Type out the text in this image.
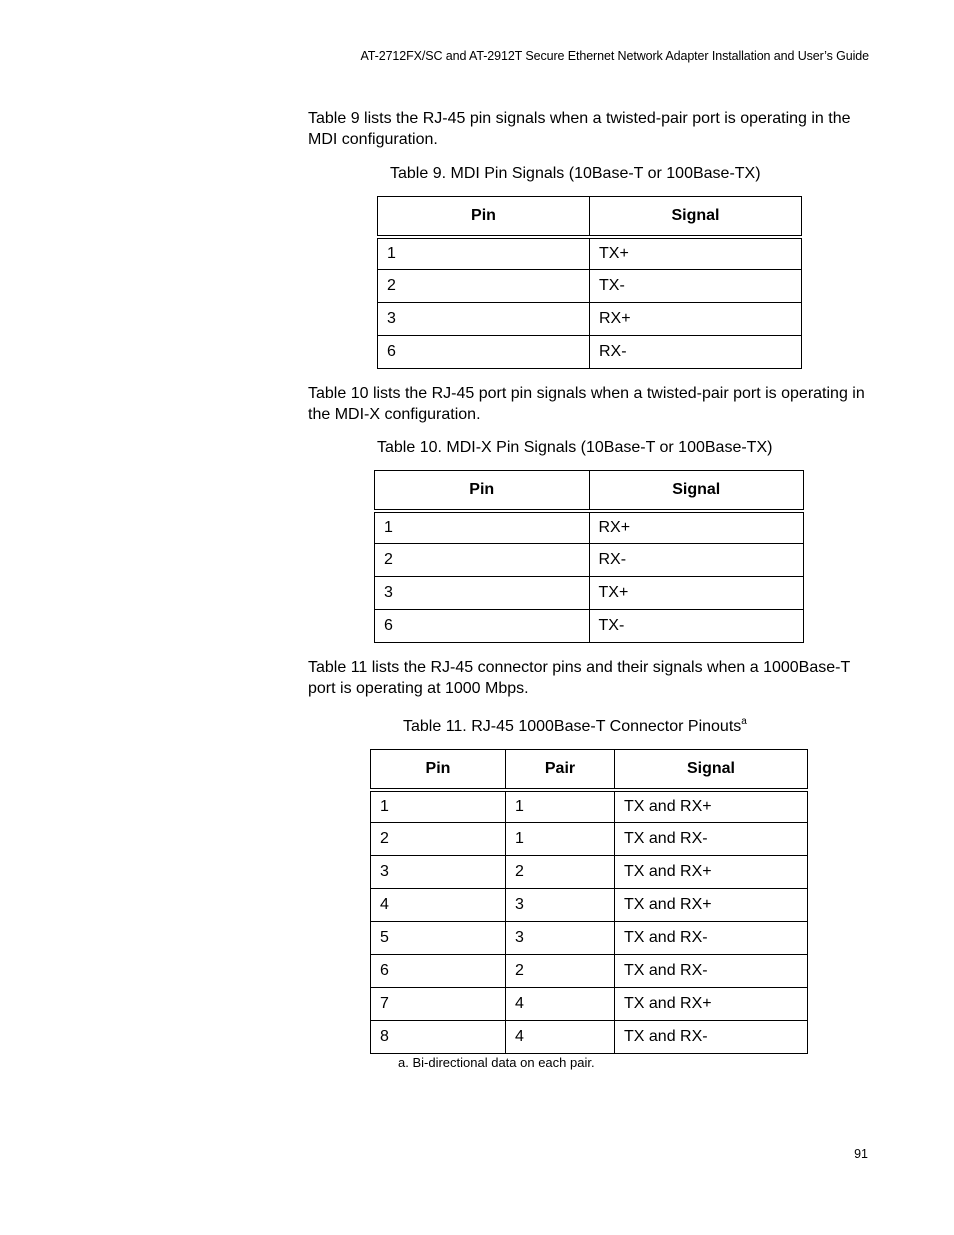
AT-2712FX/SC and AT-2912T Secure Ethernet Network Adapter Installation and User’s Guide

Table 9 lists the RJ-45 pin signals when a twisted-pair port is operating in the MDI configuration.

Table 9. MDI Pin Signals (10Base-T or 100Base-TX)
Pin	Signal
1	TX+
2	TX-
3	RX+
6	RX-

Table 10 lists the RJ-45 port pin signals when a twisted-pair port is operating in the MDI-X configuration.

Table 10. MDI-X Pin Signals (10Base-T or 100Base-TX)
Pin	Signal
1	RX+
2	RX-
3	TX+
6	TX-

Table 11 lists the RJ-45 connector pins and their signals when a 1000Base-T port is operating at 1000 Mbps.

Table 11. RJ-45 1000Base-T Connector Pinouts$^a$
Pin	Pair	Signal
1	1	TX and RX+
2	1	TX and RX-
3	2	TX and RX+
4	3	TX and RX+
5	3	TX and RX-
6	2	TX and RX-
7	4	TX and RX+
8	4	TX and RX-
a. Bi-directional data on each pair.
91
